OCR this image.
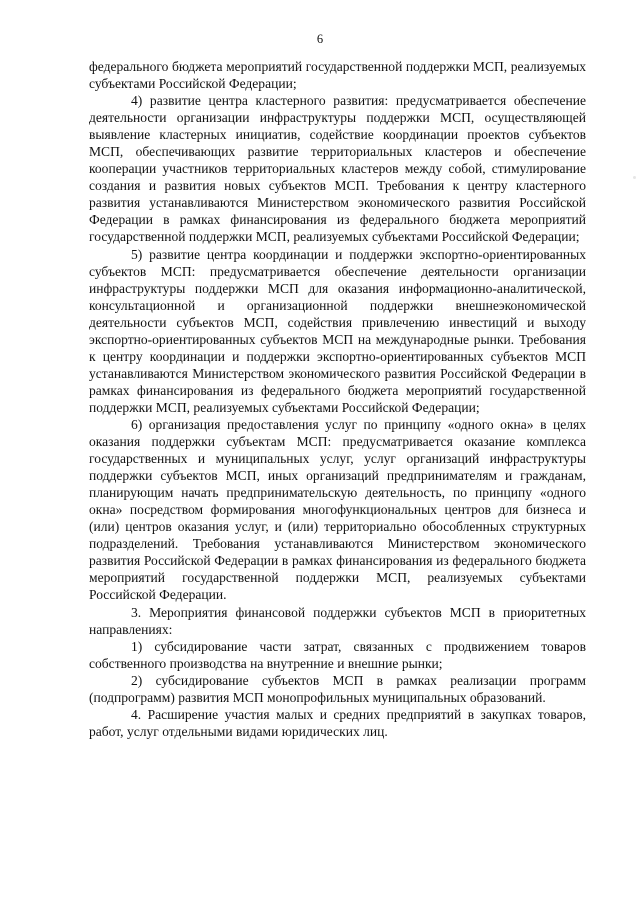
6

федерального бюджета мероприятий государственной поддержки МСП, реализуемых субъектами Российской Федерации;

4) развитие центра кластерного развития: предусматривается обеспечение деятельности организации инфраструктуры поддержки МСП, осуществляющей выявление кластерных инициатив, содействие координации проектов субъектов МСП, обеспечивающих развитие территориальных кластеров и обеспечение кооперации участников территориальных кластеров между собой, стимулирование создания и развития новых субъектов МСП. Требования к центру кластерного развития устанавливаются Министерством экономического развития Российской Федерации в рамках финансирования из федерального бюджета мероприятий государственной поддержки МСП, реализуемых субъектами Российской Федерации;

5) развитие центра координации и поддержки экспортно-ориентированных субъектов МСП: предусматривается обеспечение деятельности организации инфраструктуры поддержки МСП для оказания информационно-аналитической, консультационной и организационной поддержки внешнеэкономической деятельности субъектов МСП, содействия привлечению инвестиций и выходу экспортно-ориентированных субъектов МСП на международные рынки. Требования к центру координации и поддержки экспортно-ориентированных субъектов МСП устанавливаются Министерством экономического развития Российской Федерации в рамках финансирования из федерального бюджета мероприятий государственной поддержки МСП, реализуемых субъектами Российской Федерации;

6) организация предоставления услуг по принципу «одного окна» в целях оказания поддержки субъектам МСП: предусматривается оказание комплекса государственных и муниципальных услуг, услуг организаций инфраструктуры поддержки субъектов МСП, иных организаций предпринимателям и гражданам, планирующим начать предпринимательскую деятельность, по принципу «одного окна» посредством формирования многофункциональных центров для бизнеса и (или) центров оказания услуг, и (или) территориально обособленных структурных подразделений. Требования устанавливаются Министерством экономического развития Российской Федерации в рамках финансирования из федерального бюджета мероприятий государственной поддержки МСП, реализуемых субъектами Российской Федерации.

3. Мероприятия финансовой поддержки субъектов МСП в приоритетных направлениях:

1) субсидирование части затрат, связанных с продвижением товаров собственного производства на внутренние и внешние рынки;

2) субсидирование субъектов МСП в рамках реализации программ (подпрограмм) развития МСП монопрофильных муниципальных образований.

4. Расширение участия малых и средних предприятий в закупках товаров, работ, услуг отдельными видами юридических лиц.
